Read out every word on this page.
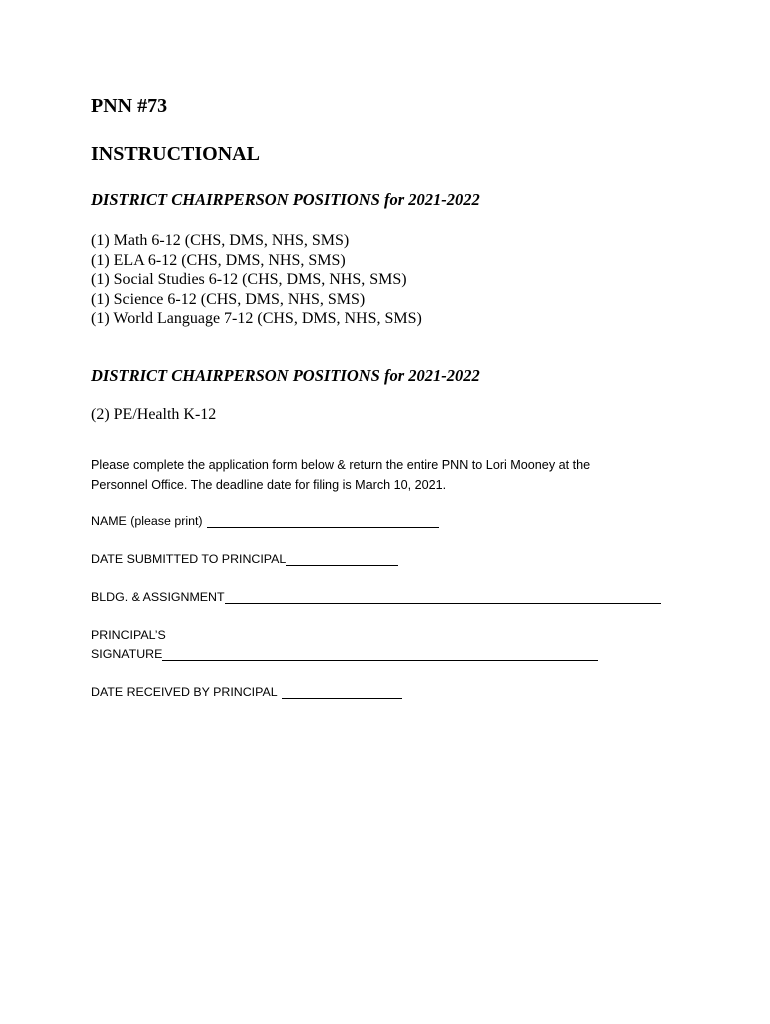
PNN #73
INSTRUCTIONAL
DISTRICT CHAIRPERSON POSITIONS for 2021-2022
(1) Math 6-12 (CHS, DMS, NHS, SMS)
(1) ELA 6-12 (CHS, DMS, NHS, SMS)
(1) Social Studies 6-12 (CHS, DMS, NHS, SMS)
(1) Science 6-12 (CHS, DMS, NHS, SMS)
(1) World Language 7-12 (CHS, DMS, NHS, SMS)
DISTRICT CHAIRPERSON POSITIONS for 2021-2022
(2) PE/Health K-12
Please complete the application form below & return the entire PNN to Lori Mooney at the
Personnel Office. The deadline date for filing is March 10, 2021.
NAME (please print)
DATE SUBMITTED TO PRINCIPAL
BLDG. & ASSIGNMENT
PRINCIPAL’S
SIGNATURE
DATE RECEIVED BY PRINCIPAL
